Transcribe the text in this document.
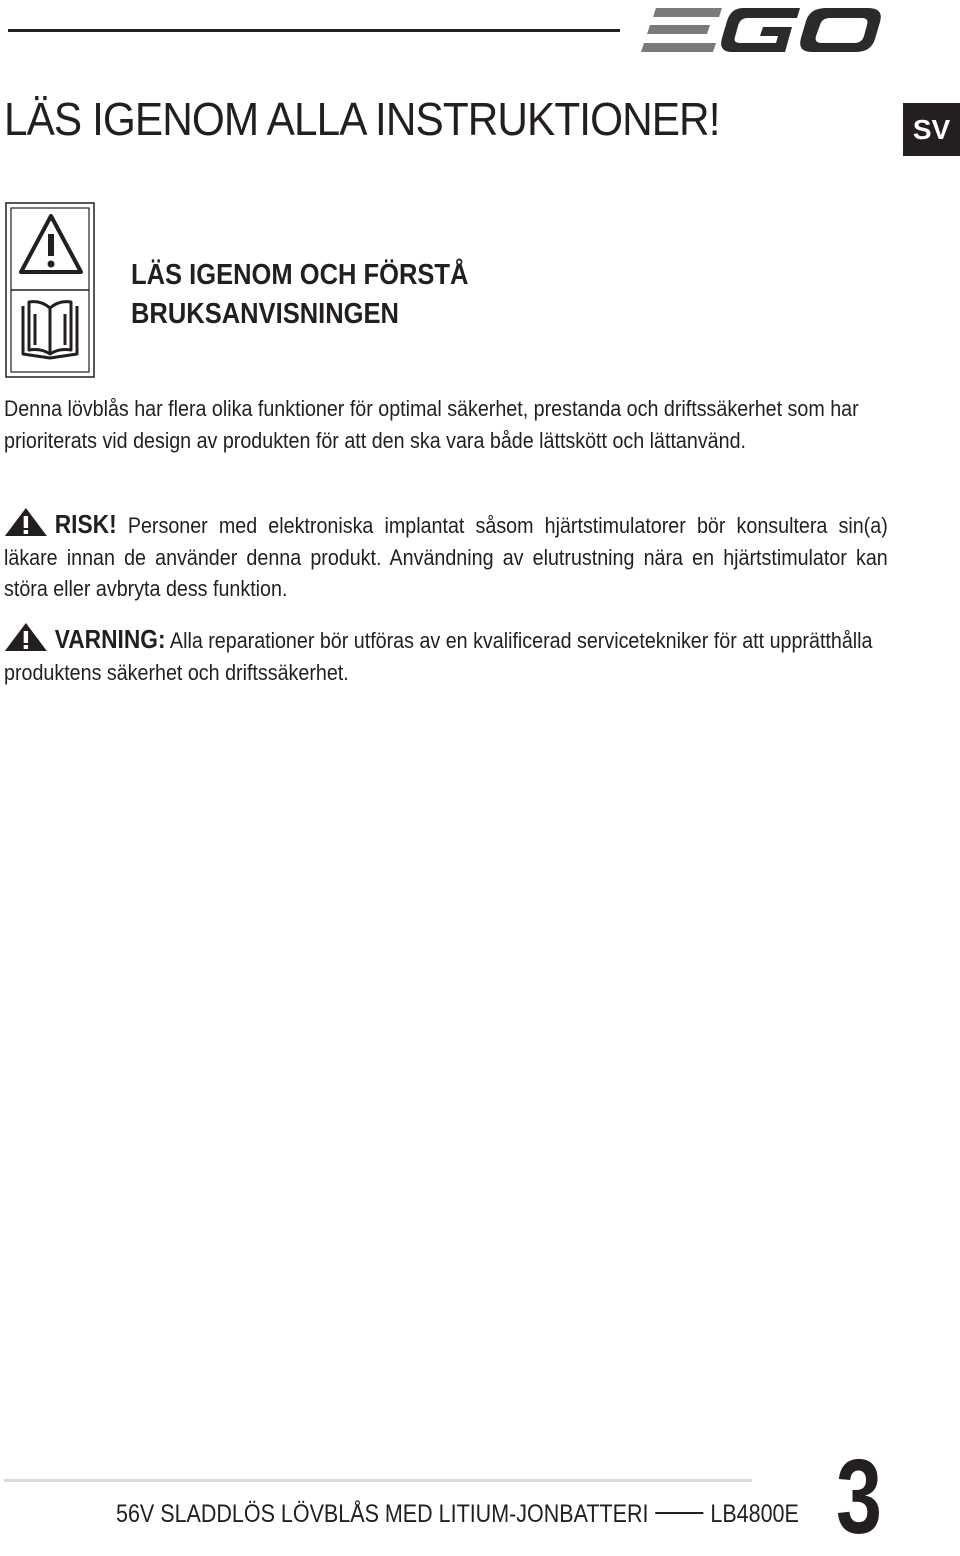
LÄS IGENOM ALLA INSTRUKTIONER!	SV
LÄS IGENOM OCH FÖRSTÅ
BRUKSANVISNINGEN

Denna lövblås har flera olika funktioner för optimal säkerhet, prestanda och driftssäkerhet som har prioriterats vid design av produkten för att den ska vara både lättskött och lättanvänd.

RISK! Personer med elektroniska implantat såsom hjärtstimulatorer bör konsultera sin(a) läkare innan de använder denna produkt. Användning av elutrustning nära en hjärtstimulator kan störa eller avbryta dess funktion.

VARNING: Alla reparationer bör utföras av en kvalificerad servicetekniker för att upprätthålla produktens säkerhet och driftssäkerhet.

56V SLADDLÖS LÖVBLÅS MED LITIUM-JONBATTERI LB4800E 3
